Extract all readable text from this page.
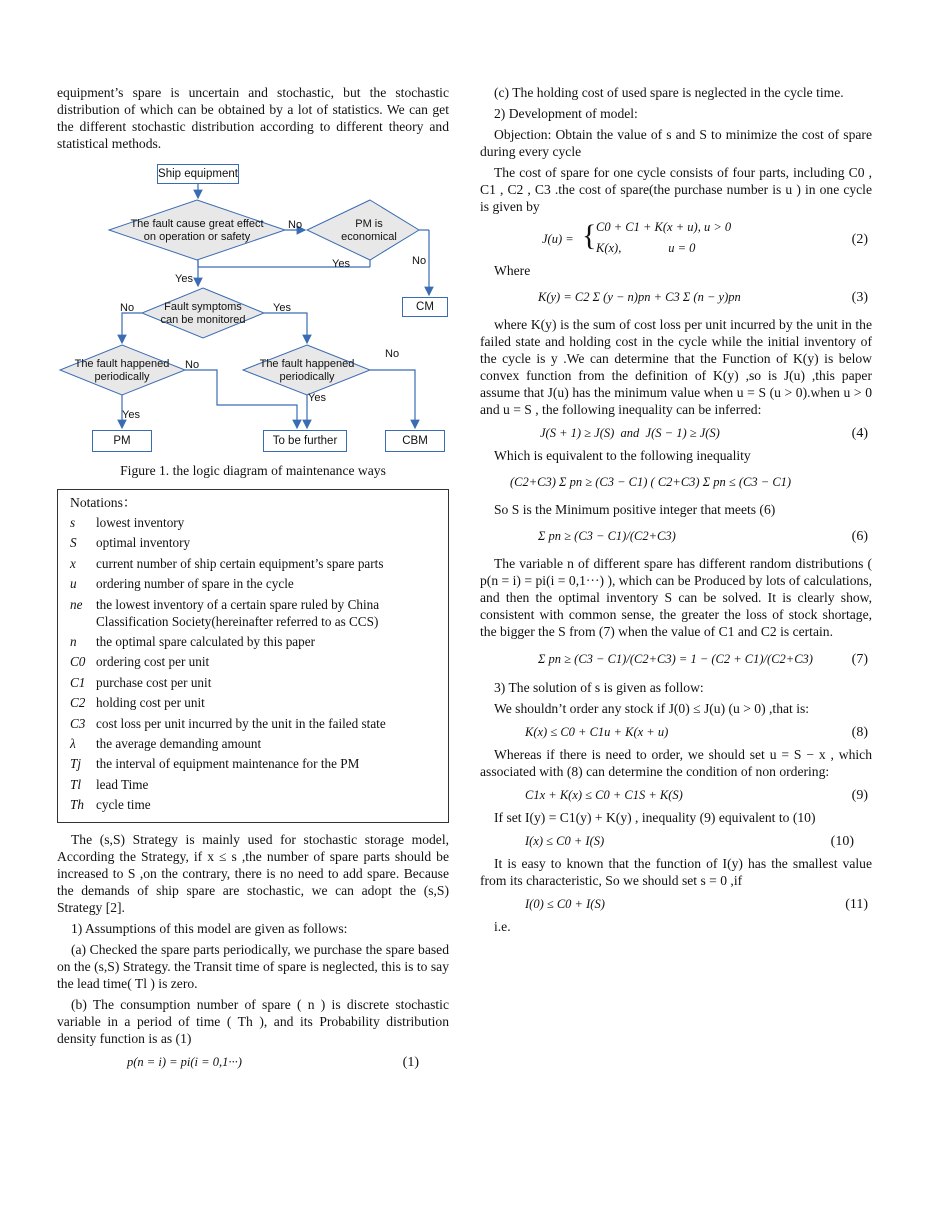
equipment’s spare is uncertain and stochastic, but the stochastic distribution of which can be obtained by a lot of statistics. We can get the different stochastic distribution according to different theory and statistical methods.

Ship equipment
The fault cause great effect on operation or safety
PM is economical
Fault symptoms can be monitored
The fault happened periodically
The fault happened periodically
CM
PM	To be further	CBM
No
Yes	No
Yes
No	Yes
No
No
Yes
Yes

Figure 1. the logic diagram of maintenance ways

Notations：
s	lowest inventory
S	optimal inventory
x	current number of ship certain equipment’s spare parts
u	ordering number of spare in the cycle
ne	the lowest inventory of a certain spare ruled by China Classification Society(hereinafter referred to as CCS)
n	the optimal spare calculated by this paper
C0 ordering cost per unit
C1 purchase cost per unit
C2 holding cost per unit
C3 cost loss per unit incurred by the unit in the failed state
λ	the average demanding amount
Tj	the interval of equipment maintenance for the PM
Tl	lead Time
Th cycle time

The (s,S) Strategy is mainly used for stochastic storage model, According the Strategy, if x ≤ s ,the number of spare parts should be increased to S ,on the contrary, there is no need to add spare. Because the demands of ship spare are stochastic, we can adopt the (s,S) Strategy [2].

1) Assumptions of this model are given as follows:

(a) Checked the spare parts periodically, we purchase the spare based on the (s,S) Strategy. the Transit time of spare is neglected, this is to say the lead time( Tl ) is zero.

(b) The consumption number of spare ( n ) is discrete stochastic variable in a period of time ( Th ), and its Probability distribution density function is as (1)

p(n = i) = pi(i = 0,1···)	(1)

(c) The holding cost of used spare is neglected in the cycle time.

2) Development of model:

Objection: Obtain the value of s and S to minimize the cost of spare during every cycle

The cost of spare for one cycle consists of four parts, including C0 , C1 , C2 , C3 .the cost of spare(the purchase number is u ) in one cycle is given by

J(u) = { C0 + C1 + K(x + u), u > 0
K(x),               u = 0
(2)

Where

K(y) = C2 Σ (y − n)pn + C3 Σ (n − y)pn	(3)

where K(y) is the sum of cost loss per unit incurred by the unit in the failed state and holding cost in the cycle while the initial inventory of the cycle is y .We can determine that the Function of K(y) is below convex function from the definition of K(y) ,so is J(u) ,this paper assume that J(u) has the minimum value when u = S (u > 0).when u > 0 and u = S , the following inequality can be inferred:

J(S + 1) ≥ J(S)  and  J(S − 1) ≥ J(S)	(4)

Which is equivalent to the following inequality

(C2+C3) Σ pn ≥ (C3 − C1) ( C2+C3) Σ pn ≤ (C3 − C1)

So S is the Minimum positive integer that meets (6)

Σ pn ≥ (C3 − C1)/(C2+C3)	(6)

The variable n of different spare has different random distributions ( p(n = i) = pi(i = 0,1···) ), which can be Produced by lots of calculations, and then the optimal inventory S can be solved. It is clearly show, consistent with common sense, the greater the loss of stock shortage, the bigger the S from (7) when the value of C1 and C2 is certain.

Σ pn ≥ (C3 − C1)/(C2+C3) = 1 − (C2 + C1)/(C2+C3)	(7)

3) The solution of s is given as follow:

We shouldn’t order any stock if J(0) ≤ J(u) (u > 0) ,that is:

K(x) ≤ C0 + C1u + K(x + u)	(8)

Whereas if there is need to order, we should set u = S − x , which associated with (8) can determine the condition of non ordering:

C1x + K(x) ≤ C0 + C1S + K(S)	(9)

If set I(y) = C1(y) + K(y) , inequality (9) equivalent to (10)

I(x) ≤ C0 + I(S)	(10)

It is easy to known that the function of I(y) has the smallest value from its characteristic, So we should set s = 0 ,if

I(0) ≤ C0 + I(S)	(11)

i.e.
